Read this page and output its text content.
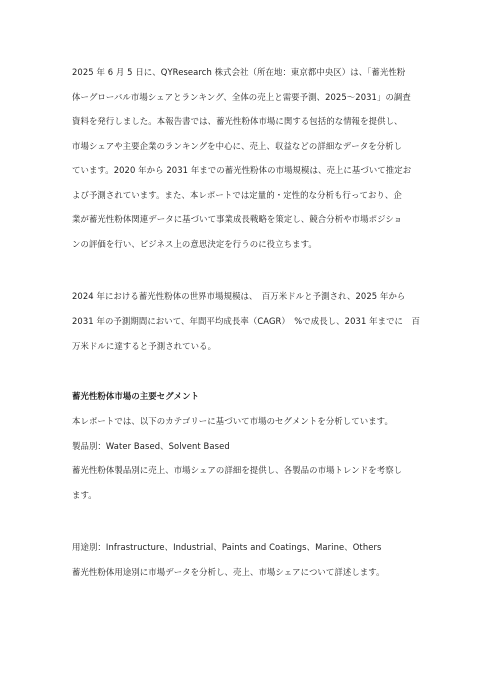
2025 年 6 月 5 日に、QYResearch 株式会社（所在地：東京都中央区）は、「蓄光性粉
体ーグローバル市場シェアとランキング、全体の売上と需要予測、2025～2031」の調査
資料を発行しました。本報告書では、蓄光性粉体市場に関する包括的な情報を提供し、
市場シェアや主要企業のランキングを中心に、売上、収益などの詳細なデータを分析し
ています。2020 年から 2031 年までの蓄光性粉体の市場規模は、売上に基づいて推定お
よび予測されています。また、本レポートでは定量的・定性的な分析も行っており、企
業が蓄光性粉体関連データに基づいて事業成長戦略を策定し、競合分析や市場ポジショ
ンの評価を行い、ビジネス上の意思決定を行うのに役立ちます。
2024 年における蓄光性粉体の世界市場規模は、　百万米ドルと予測され、2025 年から
2031 年の予測期間において、年間平均成長率（CAGR）　%で成長し、2031 年までに　百
万米ドルに達すると予測されている。
蓄光性粉体市場の主要セグメント
本レポートでは、以下のカテゴリーに基づいて市場のセグメントを分析しています。
製品別：Water Based、Solvent Based
蓄光性粉体製品別に売上、市場シェアの詳細を提供し、各製品の市場トレンドを考察し
ます。
用途別：Infrastructure、Industrial、Paints and Coatings、Marine、Others
蓄光性粉体用途別に市場データを分析し、売上、市場シェアについて詳述します。
